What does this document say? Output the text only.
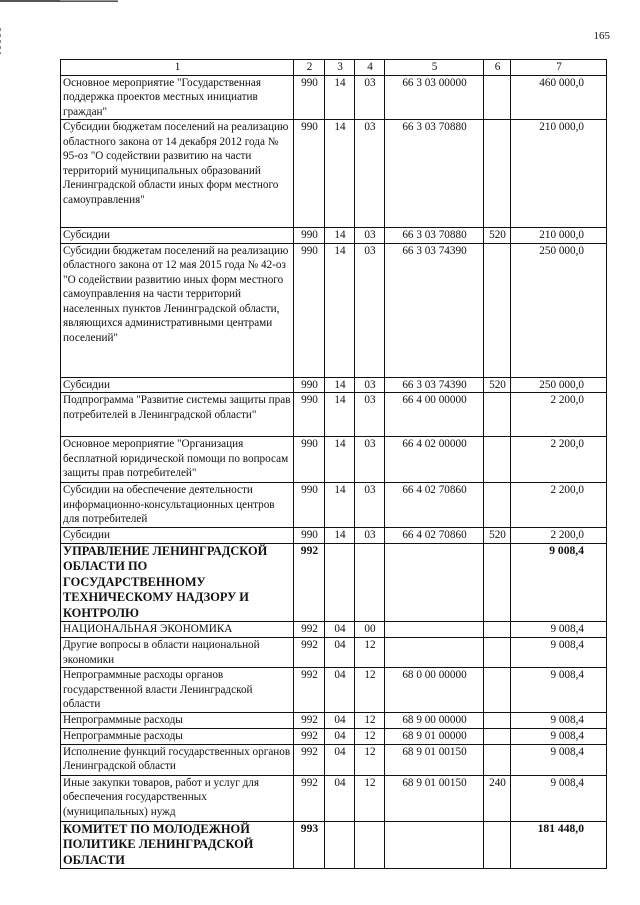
165
1	2	3	4	5	6	7
Основное мероприятие "Государственная поддержка проектов местных инициатив граждан"	990	14	03	66 3 03 00000		460 000,0
Субсидии бюджетам поселений на реализацию областного закона от 14 декабря 2012 года № 95-оз "О содействии развитию на части территорий муниципальных образований Ленинградской области иных форм местного самоуправления"	990	14	03	66 3 03 70880		210 000,0
Субсидии	990	14	03	66 3 03 70880	520	210 000,0
Субсидии бюджетам поселений на реализацию областного закона от 12 мая 2015 года № 42-оз "О содействии развитию иных форм местного самоуправления на части территорий населенных пунктов Ленинградской области, являющихся административными центрами поселений"	990	14	03	66 3 03 74390		250 000,0
Субсидии	990	14	03	66 3 03 74390	520	250 000,0
Подпрограмма "Развитие системы защиты прав потребителей в Ленинградской области"	990	14	03	66 4 00 00000		2 200,0
Основное мероприятие "Организация бесплатной юридической помощи по вопросам защиты прав потребителей"	990	14	03	66 4 02 00000		2 200,0
Субсидии на обеспечение деятельности информационно-консультационных центров для потребителей	990	14	03	66 4 02 70860		2 200,0
Субсидии	990	14	03	66 4 02 70860	520	2 200,0
УПРАВЛЕНИЕ ЛЕНИНГРАДСКОЙ ОБЛАСТИ ПО ГОСУДАРСТВЕННОМУ ТЕХНИЧЕСКОМУ НАДЗОРУ И КОНТРОЛЮ	992					9 008,4
НАЦИОНАЛЬНАЯ ЭКОНОМИКА	992	04	00			9 008,4
Другие вопросы в области национальной экономики	992	04	12			9 008,4
Непрограммные расходы органов государственной власти Ленинградской области	992	04	12	68 0 00 00000		9 008,4
Непрограммные расходы	992	04	12	68 9 00 00000		9 008,4
Непрограммные расходы	992	04	12	68 9 01 00000		9 008,4
Исполнение функций государственных органов Ленинградской области	992	04	12	68 9 01 00150		9 008,4
Иные закупки товаров, работ и услуг для обеспечения государственных (муниципальных) нужд	992	04	12	68 9 01 00150	240	9 008,4
КОМИТЕТ ПО МОЛОДЕЖНОЙ ПОЛИТИКЕ ЛЕНИНГРАДСКОЙ ОБЛАСТИ	993					181 448,0
